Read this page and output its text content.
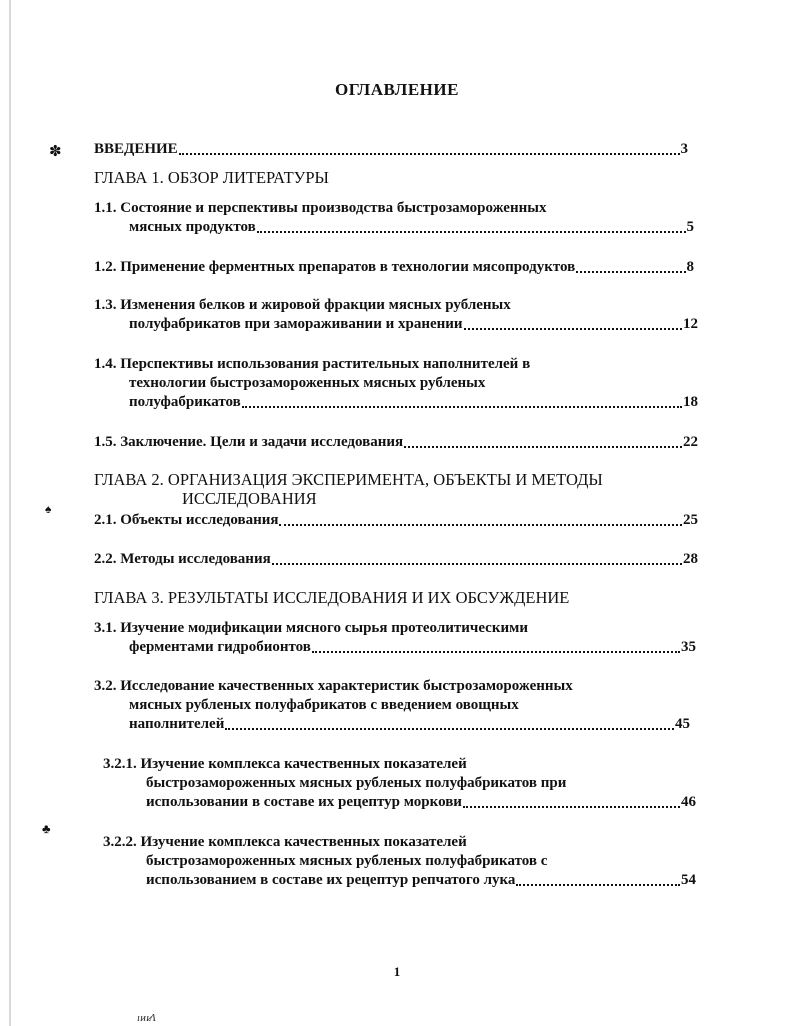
✽
♠
♣
ОГЛАВЛЕНИЕ
ВВЕДЕНИЕ	3
ГЛАВА 1. ОБЗОР ЛИТЕРАТУРЫ
1.1. Состояние и перспективы производства быстрозамороженных
мясных продуктов	5
1.2. Применение ферментных препаратов в технологии мясопродуктов	8
1.3. Изменения белков и жировой фракции мясных рубленых
полуфабрикатов при замораживании и хранении	12
1.4. Перспективы использования растительных наполнителей в
технологии быстрозамороженных мясных рубленых
полуфабрикатов	18
1.5. Заключение. Цели и задачи исследования	22
ГЛАВА 2. ОРГАНИЗАЦИЯ ЭКСПЕРИМЕНТА, ОБЪЕКТЫ И МЕТОДЫ
ИССЛЕДОВАНИЯ
2.1. Объекты исследования	25
2.2. Методы исследования	28
ГЛАВА 3. РЕЗУЛЬТАТЫ ИССЛЕДОВАНИЯ И ИХ ОБСУЖДЕНИЕ
3.1. Изучение модификации мясного сырья протеолитическими
ферментами гидробионтов	35
3.2. Исследование качественных характеристик быстрозамороженных
мясных рубленых полуфабрикатов с введением овощных
наполнителей	45
3.2.1. Изучение комплекса качественных показателей
быстрозамороженных мясных рубленых полуфабрикатов при
использовании в составе их рецептур моркови	46
3.2.2. Изучение комплекса качественных показателей
быстрозамороженных мясных рубленых полуфабрикатов с
использованием в составе их рецептур репчатого лука	54
1
ıı̷ıı̷Ʌ
